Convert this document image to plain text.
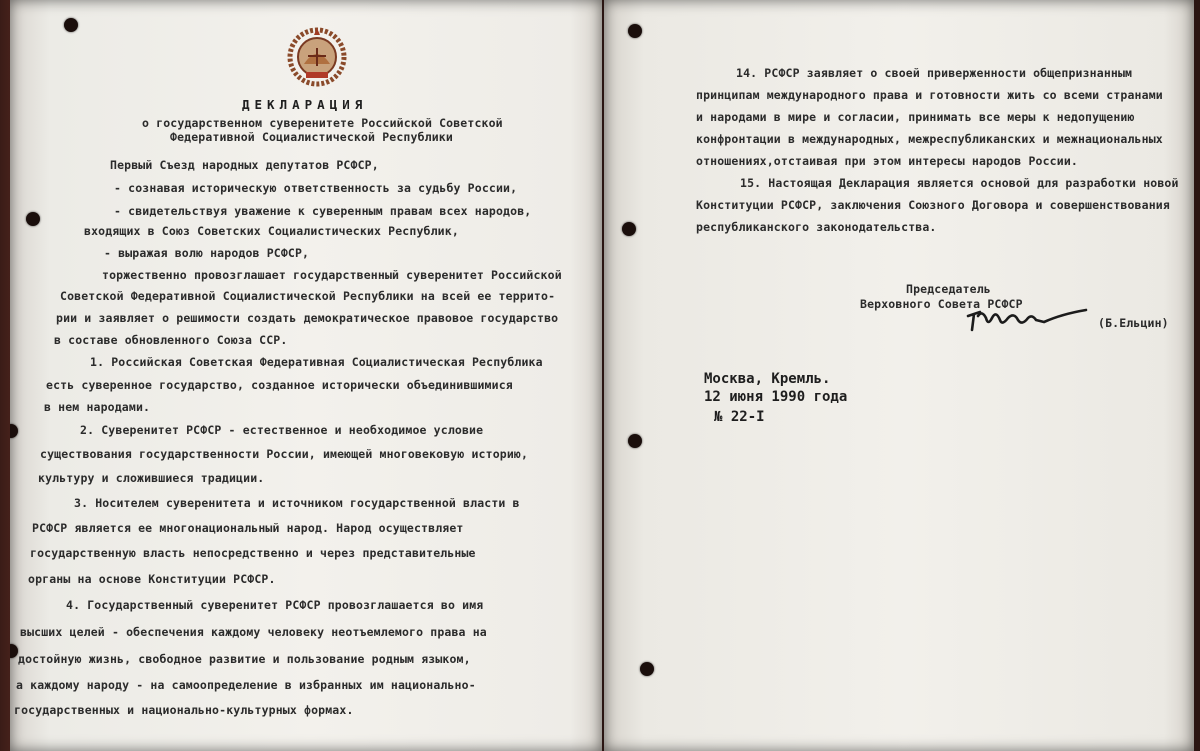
ДЕКЛАРАЦИЯ
о государственном суверенитете Российской Советской
Федеративной Социалистической Республики
Первый Съезд народных депутатов РСФСР,
- сознавая историческую ответственность за судьбу России,
- свидетельствуя уважение к суверенным правам всех народов,
входящих в Союз Советских Социалистических Республик,
- выражая волю народов РСФСР,
торжественно провозглашает государственный суверенитет Российской
Советской Федеративной Социалистической Республики на всей ее террито-
рии и заявляет о решимости создать демократическое правовое государство
в составе обновленного Союза ССР.
1. Российская Советская Федеративная Социалистическая Республика
есть суверенное государство, созданное исторически объединившимися
в нем народами.
2. Суверенитет РСФСР - естественное и необходимое условие
существования государственности России, имеющей многовековую историю,
культуру и сложившиеся традиции.
3. Носителем суверенитета и источником государственной власти в
РСФСР является ее многонациональный народ. Народ осуществляет
государственную власть непосредственно и через представительные
органы на основе Конституции РСФСР.
4. Государственный суверенитет РСФСР провозглашается во имя
высших целей - обеспечения каждому человеку неотъемлемого права на
достойную жизнь, свободное развитие и пользование родным языком,
а каждому народу - на самоопределение в избранных им национально-
государственных и национально-культурных формах.
14. РСФСР заявляет о своей приверженности общепризнанным
принципам международного права и готовности жить со всеми странами
и народами в мире и согласии, принимать все меры к недопущению
конфронтации в международных, межреспубликанских и межнациональных
отношениях,отстаивая при этом интересы народов России.
15. Настоящая Декларация является основой для разработки новой
Конституции РСФСР, заключения Союзного Договора и совершенствования
республиканского законодательства.
Председатель
Верховного Совета РСФСР
(Б.Ельцин)
Москва, Кремль.
12 июня 1990 года
№ 22-I
